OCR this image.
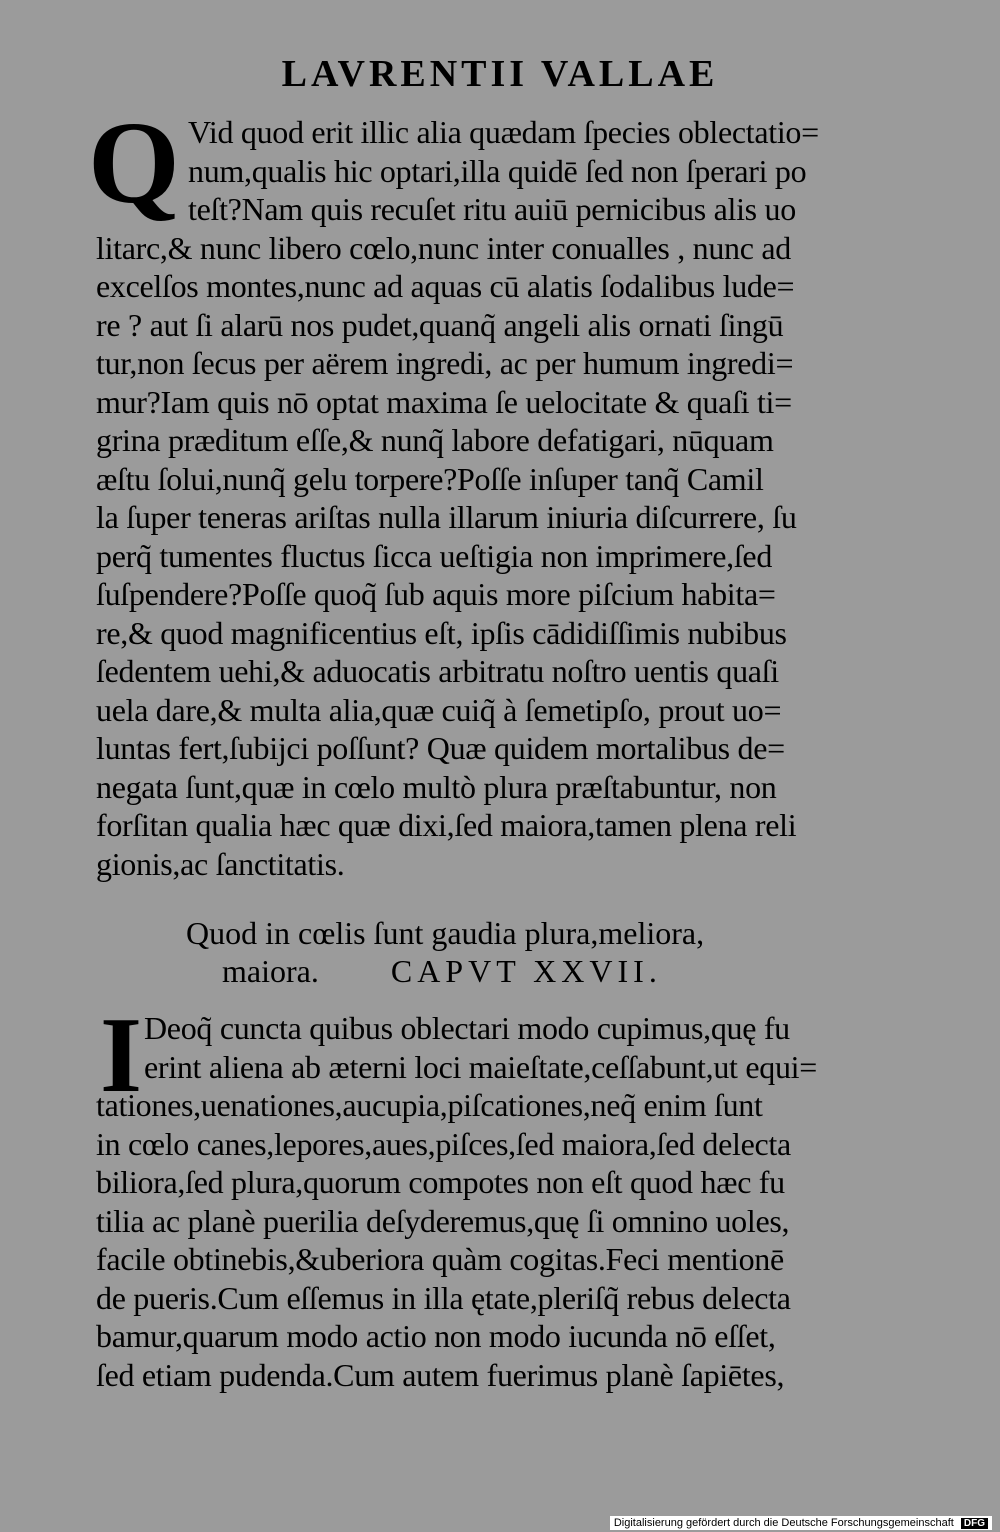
LAVRENTII VALLAE
Q Vid quod erit illic alia quædam ſpecies oblectatio=
num,qualis hic optari,illa quidē ſed non ſperari po
teſt?Nam quis recuſet ritu auiū pernicibus alis uo
litarc,& nunc libero cœlo,nunc inter conualles , nunc ad
excelſos montes,nunc ad aquas cū alatis ſodalibus lude=
re ? aut ſi alarū nos pudet,quanq̃ angeli alis ornati ſingū
tur,non ſecus per aërem ingredi, ac per humum ingredi=
mur?Iam quis nō optat maxima ſe uelocitate & quaſi ti=
grina præditum eſſe,& nunq̃ labore defatigari, nūquam
æſtu ſolui,nunq̃ gelu torpere?Poſſe inſuper tanq̃ Camil
la ſuper teneras ariſtas nulla illarum iniuria diſcurrere, ſu
perq̃ tumentes fluctus ſicca ueſtigia non imprimere,ſed
ſuſpendere?Poſſe quoq̃ ſub aquis more piſcium habita=
re,& quod magnificentius eſt, ipſis cādidiſſimis nubibus
ſedentem uehi,& aduocatis arbitratu noſtro uentis quaſi
uela dare,& multa alia,quæ cuiq̃ à ſemetipſo, prout uo=
luntas fert,ſubijci poſſunt? Quæ quidem mortalibus de=
negata ſunt,quæ in cœlo multò plura præſtabuntur, non
forſitan qualia hæc quæ dixi,ſed maiora,tamen plena reli
gionis,ac ſanctitatis.
Quod in cœlis ſunt gaudia plura,meliora,
maiora. CAPVT XXVII.
I Deoq̃ cuncta quibus oblectari modo cupimus,quę fu
erint aliena ab æterni loci maieſtate,ceſſabunt,ut equi=
tationes,uenationes,aucupia,piſcationes,neq̃ enim ſunt
in cœlo canes,lepores,aues,piſces,ſed maiora,ſed delecta
biliora,ſed plura,quorum compotes non eſt quod hæc fu
tilia ac planè puerilia deſyderemus,quę ſi omnino uoles,
facile obtinebis,&uberiora quàm cogitas.Feci mentionē
de pueris.Cum eſſemus in illa ętate,pleriſq̃ rebus delecta
bamur,quarum modo actio non modo iucunda nō eſſet,
ſed etiam pudenda.Cum autem fuerimus planè ſapiētes,
Digitalisierung gefördert durch die Deutsche Forschungsgemeinschaft DFG
